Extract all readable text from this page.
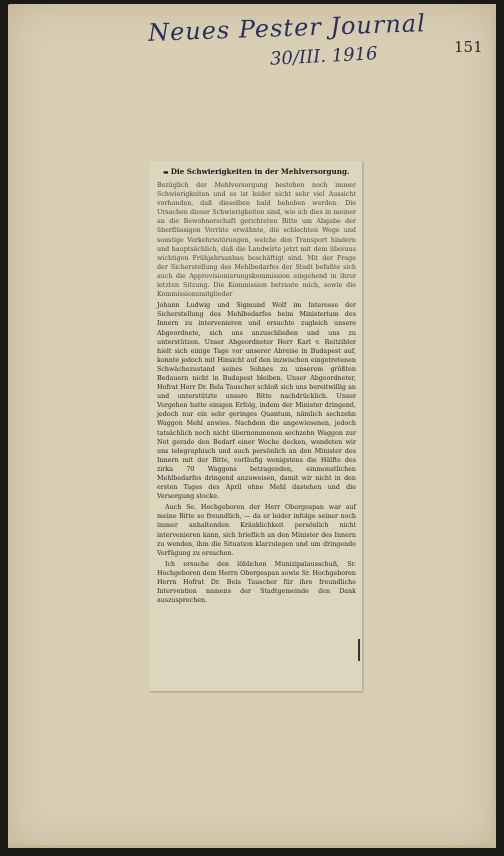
Neues Pester Journal
30/III. 1916	151
▬ Die Schwierigkeiten in der Mehlversorgung.

Bezüglich der Mehlversorgung bestehen noch immer Schwierigkeiten und es ist leider nicht sehr viel Aussicht vorhanden, daß dieselben bald behoben werden. Die Ursachen dieser Schwierigkeiten sind, wie ich dies in meiner an die Bewohnerschaft gerichteten Bitte um Abgabe der überflüssigen Vorräte erwähnte, die schlechten Wege und sonstige Verkehrsstörungen, welche den Transport hindern und hauptsächlich, daß die Landwirte jetzt mit dem überaus wichtigen Frühjahrsanbau beschäftigt sind. Mit der Frage der Sicherstellung des Mehlbedarfes der Stadt befaßte sich auch die Approvisionierungskommission eingehend in ihrer letzten Sitzung. Die Kommission betraute mich, sowie die Kommissionsmitglieder

Johann Ludwig und Sigmund Wolf im Interesse der Sicherstellung des Mehlbedarfes beim Ministerium des Innern zu intervenieren und ersuchte zugleich unsere Abgeordnete, sich uns anzuschließen und uns zu unterstützen. Unser Abgeordneter Herr Karl v. Reitzibler hielt sich einige Tage vor unserer Abreise in Budapest auf, konnte jedoch mit Hinsicht auf den inzwischen eingetretenen Schwächezustand seines Sohnes zu unserem größten Bedauern nicht in Budapest bleiben. Unser Abgeordneter, Hofrat Herr Dr. Bela Tauscher schloß sich uns bereitwillig an und unterstützte unsere Bitte nachdrücklich. Unser Vorgehen hatte einigen Erfolg, indem der Minister dringend, jedoch nur ein sehr geringes Quantum, nämlich sechzehn Waggon Mehl anwies. Nachdem die angewiesenen, jedoch tatsächlich noch nicht übernommenen sechzehn Waggon zur Not gerade den Bedarf einer Woche decken, wendeten wir uns telegraphisch und auch persönlich an den Minister des Innern mit der Bitte, vorläufig wenigstens die Hälfte des zirka 70 Waggons betragenden, einmonatlichen Mehlbedarfes dringend anzuweisen, damit wir nicht in den ersten Tages des April ohne Mehl dastehen und die Versorgung stocke.

Auch Se. Hochgeboren der Herr Obergespan war auf meine Bitte so freundlich, — da er leider infolge seiner noch immer anhaltenden Kränklichkeit persönlich nicht intervenieren kann, sich brieflich an den Minister des Innern zu wenden, ihm die Situation klarzulegen und um dringende Verfügung zu ersuchen.

Ich ersuche den löblichen Munizipalausschuß, Sr. Hochgeboren dem Herrn Obergespan sowie Sr. Hochgeboren Herrn Hofrat Dr. Bela Tauscher für ihre freundliche Intervention namens der Stadtgemeinde den Dank auszusprechen.
